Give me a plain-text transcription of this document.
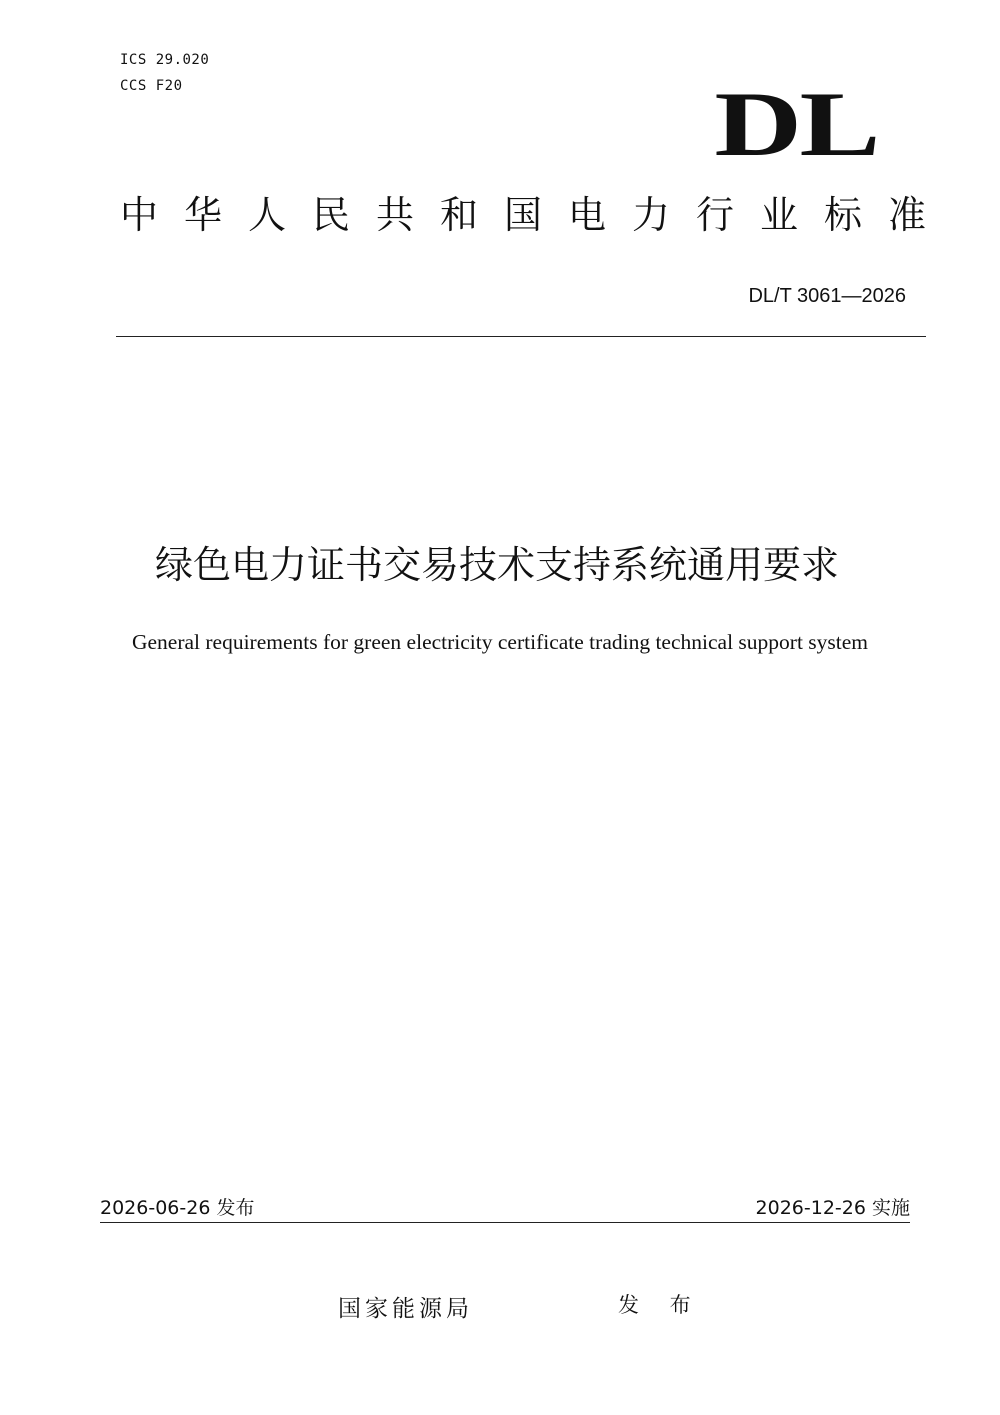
ICS 29.020
CCS F20	DL
中华人民共和国电力行业标准
DL/T 3061—2026
绿色电力证书交易技术支持系统通用要求
General requirements for green electricity certificate trading technical support system
2026-06-26 发布	2026-12-26 实施
国家能源局	发 布
